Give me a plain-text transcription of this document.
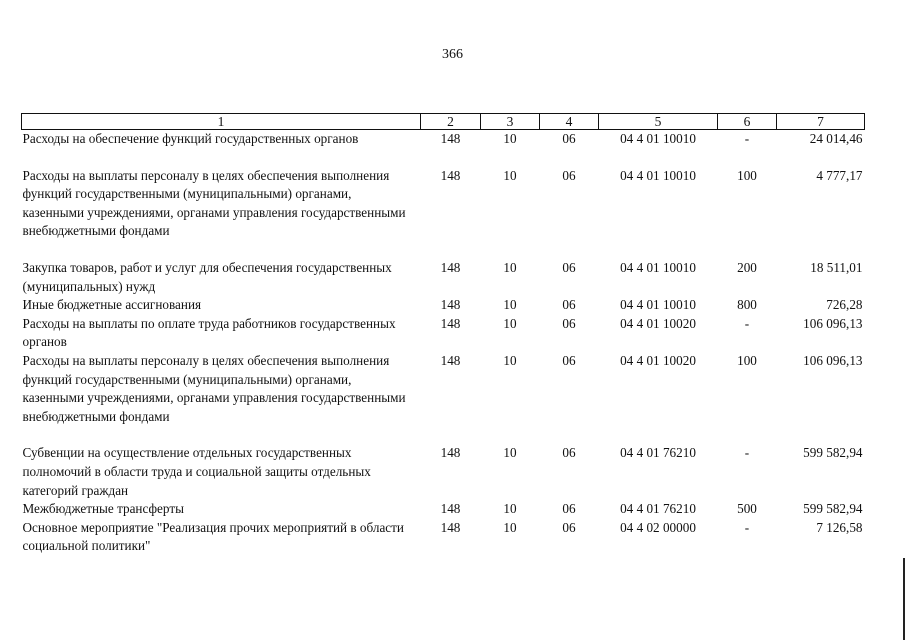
366
1	2	3	4	5	6	7
Расходы на обеспечение функций государственных органов	148	10	06	04 4 01 10010	-	24 014,46

Расходы на выплаты персоналу в целях обеспечения выполнения функций государственными (муниципальными) органами, казенными учреждениями, органами управления государственными внебюджетными фондами	148	10	06	04 4 01 10010	100	4 777,17

Закупка товаров, работ и услуг для обеспечения государственных (муниципальных) нужд	148	10	06	04 4 01 10010	200	18 511,01
Иные бюджетные ассигнования	148	10	06	04 4 01 10010	800	726,28
Расходы на выплаты по оплате труда работников государственных органов	148	10	06	04 4 01 10020	-	106 096,13
Расходы на выплаты персоналу в целях обеспечения выполнения функций государственными (муниципальными) органами, казенными учреждениями, органами управления государственными внебюджетными фондами	148	10	06	04 4 01 10020	100	106 096,13

Субвенции на осуществление отдельных государственных полномочий в области труда и социальной защиты отдельных категорий граждан	148	10	06	04 4 01 76210	-	599 582,94
Межбюджетные трансферты	148	10	06	04 4 01 76210	500	599 582,94
Основное мероприятие "Реализация прочих мероприятий в области социальной политики"	148	10	06	04 4 02 00000	-	7 126,58
